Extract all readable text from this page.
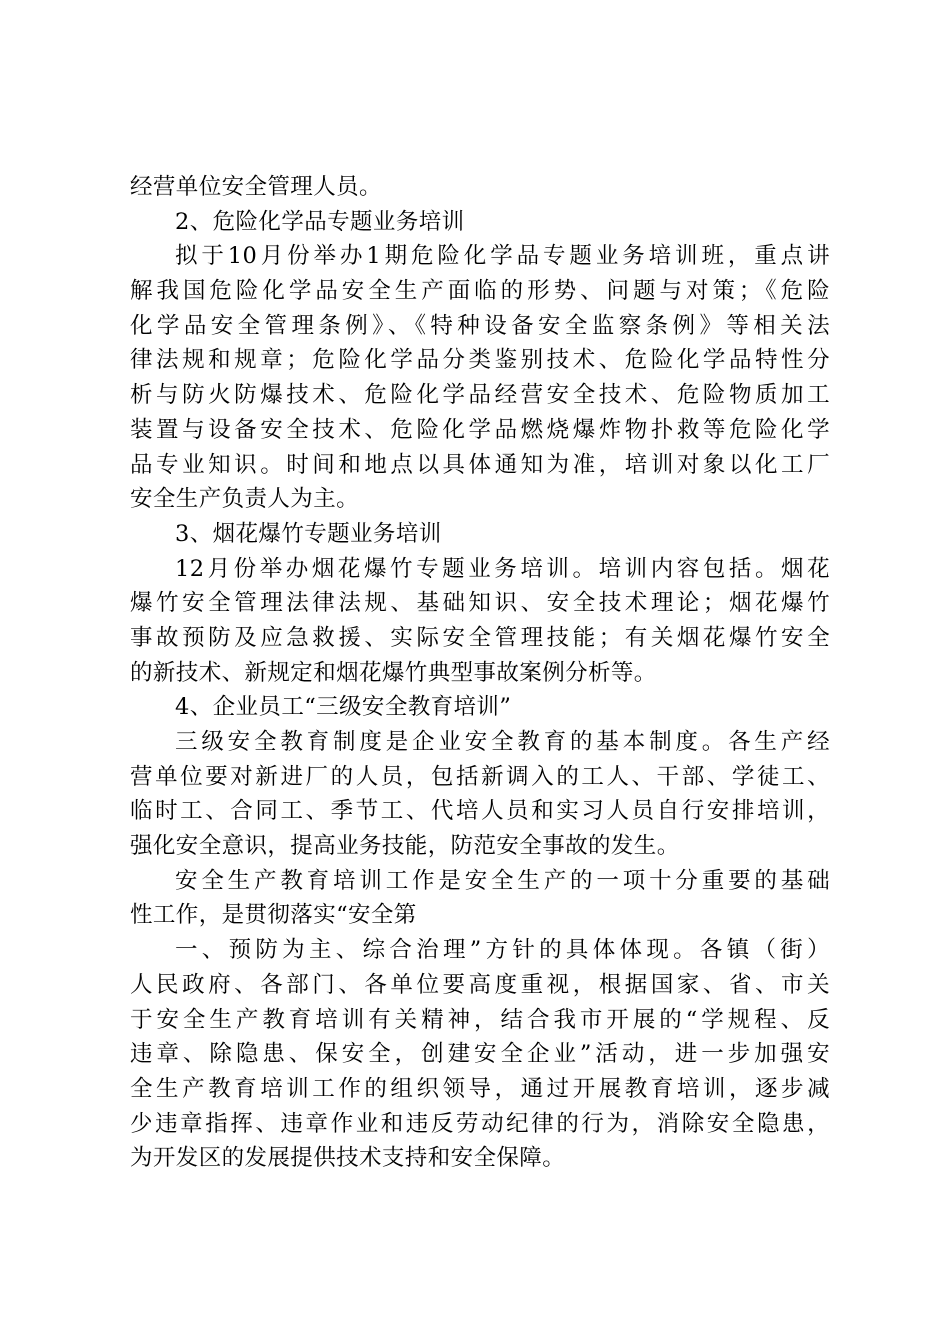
经营单位安全管理人员。
2、危险化学品专题业务培训
拟于10月份举办1期危险化学品专题业务培训班，重点讲
解我国危险化学品安全生产面临的形势、问题与对策；《危险
化学品安全管理条例》、《特种设备安全监察条例》等相关法
律法规和规章；危险化学品分类鉴别技术、危险化学品特性分
析与防火防爆技术、危险化学品经营安全技术、危险物质加工
装置与设备安全技术、危险化学品燃烧爆炸物扑救等危险化学
品专业知识。时间和地点以具体通知为准，培训对象以化工厂
安全生产负责人为主。
3、烟花爆竹专题业务培训
12月份举办烟花爆竹专题业务培训。培训内容包括。烟花
爆竹安全管理法律法规、基础知识、安全技术理论；烟花爆竹
事故预防及应急救援、实际安全管理技能；有关烟花爆竹安全
的新技术、新规定和烟花爆竹典型事故案例分析等。
4、企业员工“三级安全教育培训”
三级安全教育制度是企业安全教育的基本制度。各生产经
营单位要对新进厂的人员，包括新调入的工人、干部、学徒工、
临时工、合同工、季节工、代培人员和实习人员自行安排培训，
强化安全意识，提高业务技能，防范安全事故的发生。
安全生产教育培训工作是安全生产的一项十分重要的基础
性工作，是贯彻落实“安全第
一、预防为主、综合治理”方针的具体体现。各镇（街）
人民政府、各部门、各单位要高度重视，根据国家、省、市关
于安全生产教育培训有关精神，结合我市开展的“学规程、反
违章、除隐患、保安全，创建安全企业”活动，进一步加强安
全生产教育培训工作的组织领导，通过开展教育培训，逐步减
少违章指挥、违章作业和违反劳动纪律的行为，消除安全隐患，
为开发区的发展提供技术支持和安全保障。
